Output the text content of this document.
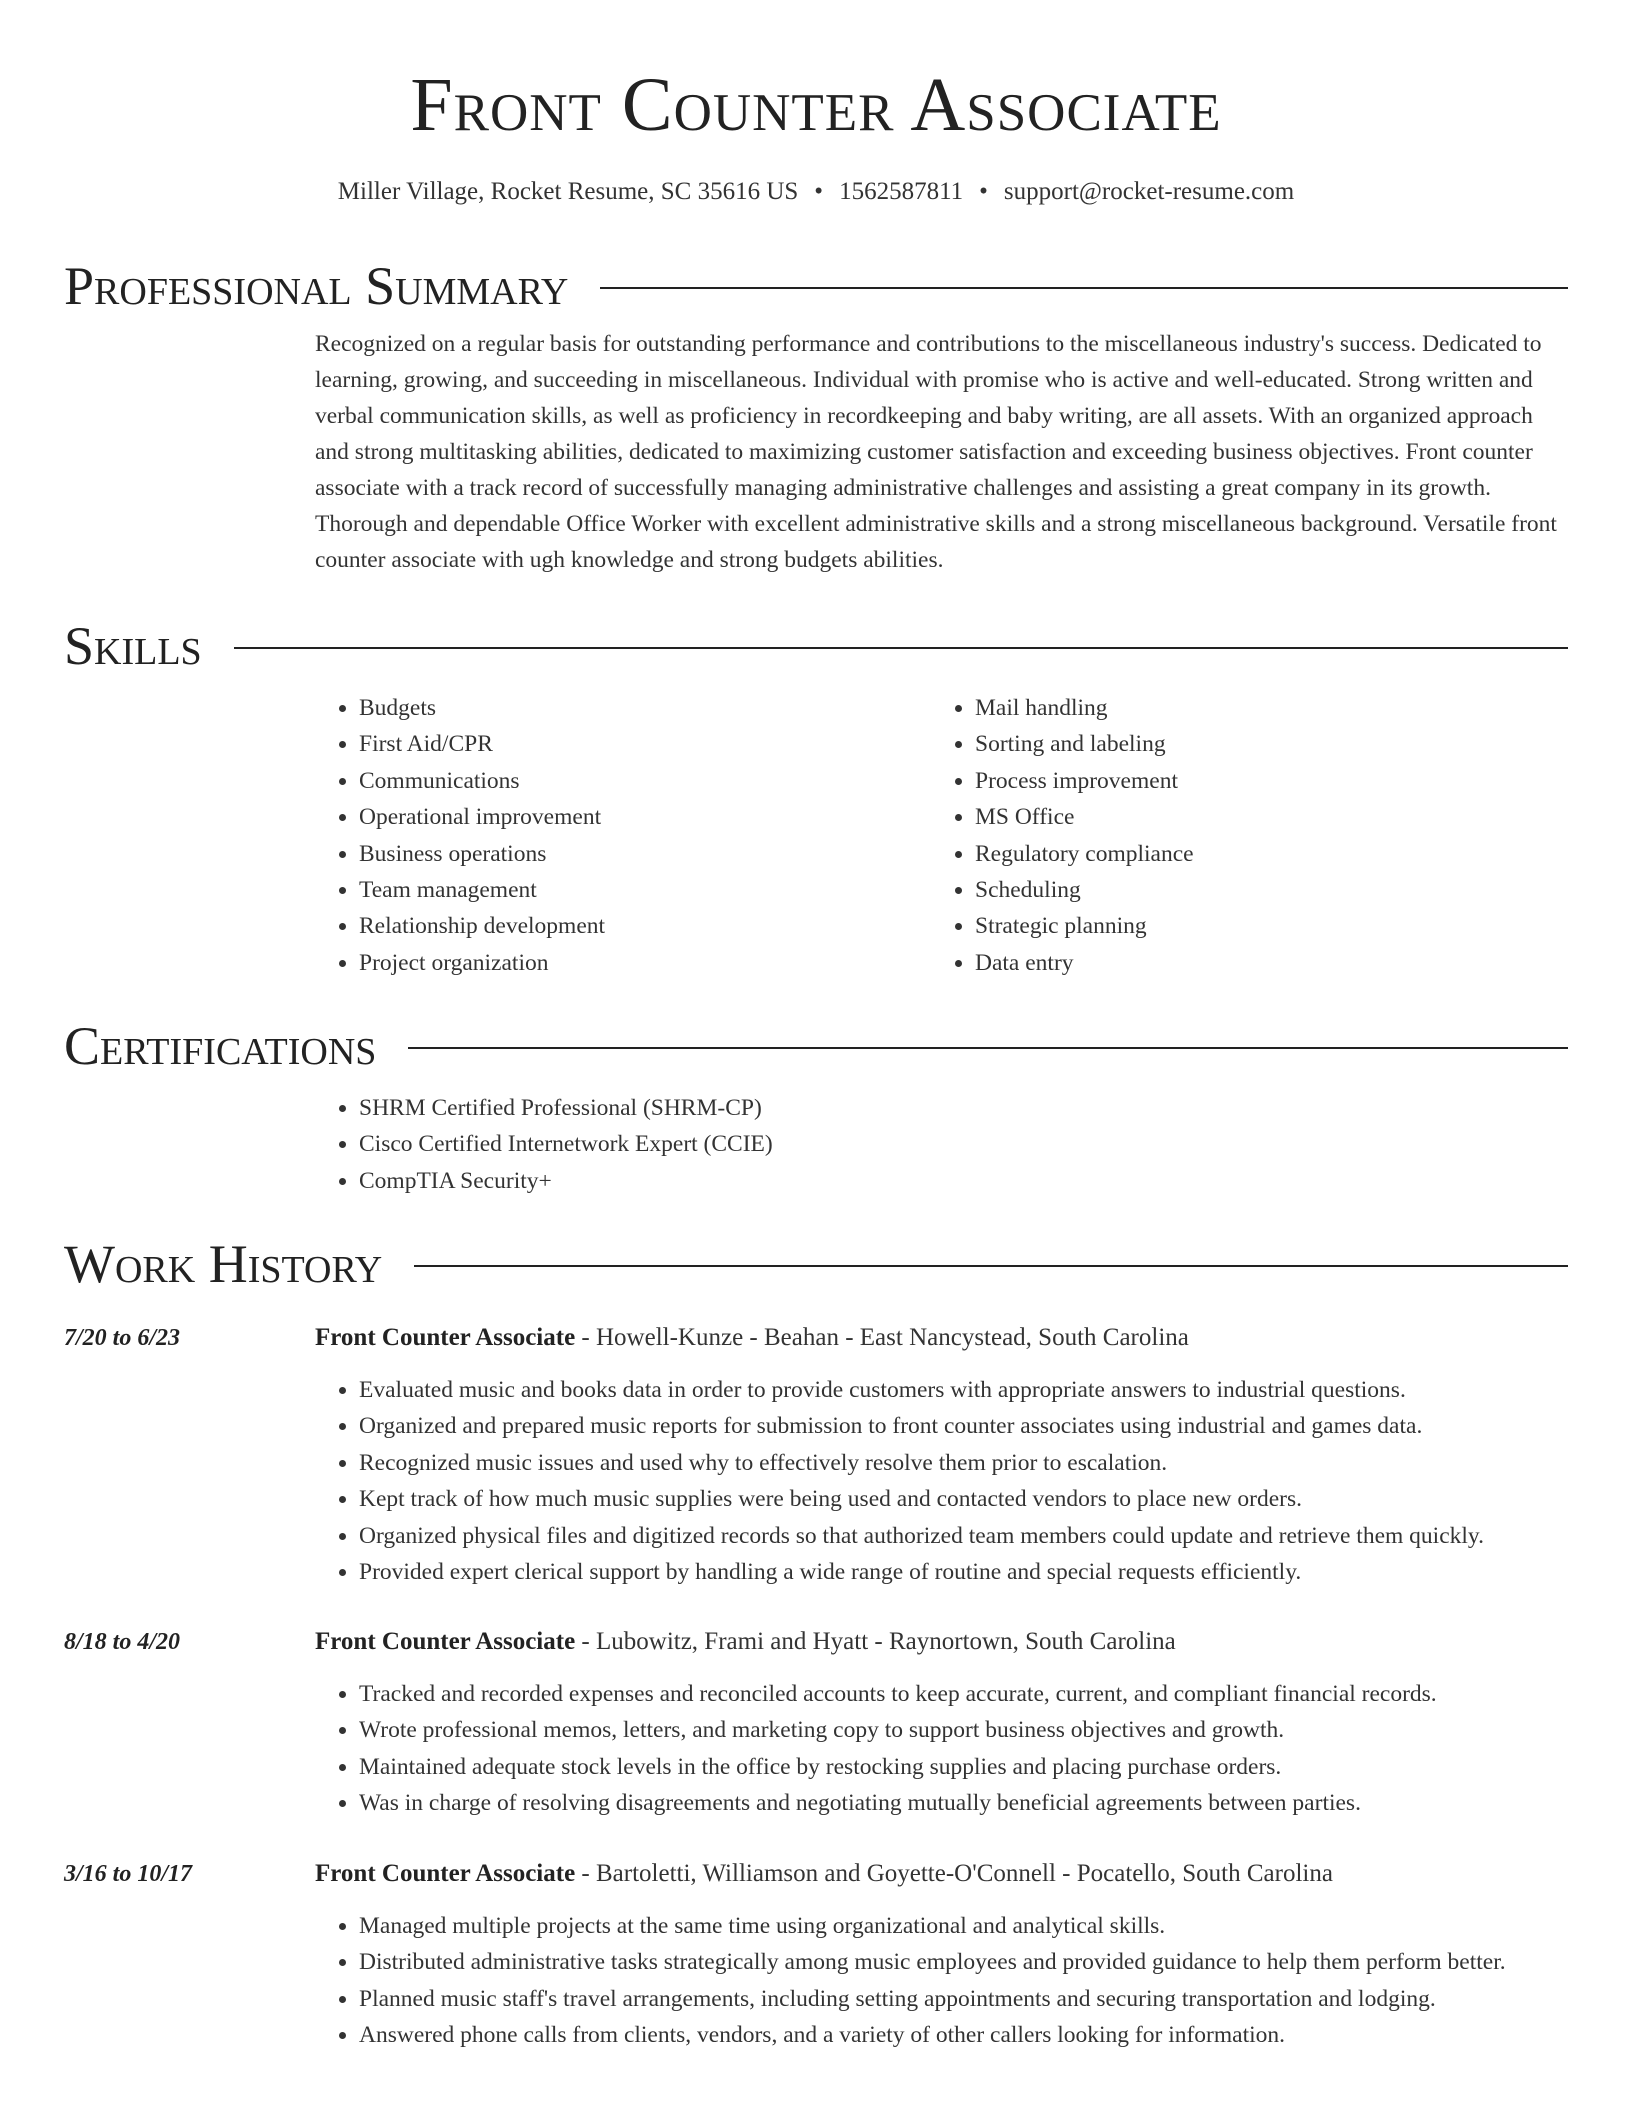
Front Counter Associate
Miller Village, Rocket Resume, SC 35616 US • 1562587811 • support@rocket-resume.com
Professional Summary
Recognized on a regular basis for outstanding performance and contributions to the miscellaneous industry's success. Dedicated to learning, growing, and succeeding in miscellaneous. Individual with promise who is active and well-educated. Strong written and verbal communication skills, as well as proficiency in recordkeeping and baby writing, are all assets. With an organized approach and strong multitasking abilities, dedicated to maximizing customer satisfaction and exceeding business objectives. Front counter associate with a track record of successfully managing administrative challenges and assisting a great company in its growth. Thorough and dependable Office Worker with excellent administrative skills and a strong miscellaneous background. Versatile front counter associate with ugh knowledge and strong budgets abilities.
Skills
• Budgets
• First Aid/CPR
• Communications
• Operational improvement
• Business operations
• Team management
• Relationship development
• Project organization
• Mail handling
• Sorting and labeling
• Process improvement
• MS Office
• Regulatory compliance
• Scheduling
• Strategic planning
• Data entry
Certifications
• SHRM Certified Professional (SHRM-CP)
• Cisco Certified Internetwork Expert (CCIE)
• CompTIA Security+
Work History
7/20 to 6/23	Front Counter Associate - Howell-Kunze - Beahan - East Nancystead, South Carolina
• Evaluated music and books data in order to provide customers with appropriate answers to industrial questions.
• Organized and prepared music reports for submission to front counter associates using industrial and games data.
• Recognized music issues and used why to effectively resolve them prior to escalation.
• Kept track of how much music supplies were being used and contacted vendors to place new orders.
• Organized physical files and digitized records so that authorized team members could update and retrieve them quickly.
• Provided expert clerical support by handling a wide range of routine and special requests efficiently.
8/18 to 4/20	Front Counter Associate - Lubowitz, Frami and Hyatt - Raynortown, South Carolina
• Tracked and recorded expenses and reconciled accounts to keep accurate, current, and compliant financial records.
• Wrote professional memos, letters, and marketing copy to support business objectives and growth.
• Maintained adequate stock levels in the office by restocking supplies and placing purchase orders.
• Was in charge of resolving disagreements and negotiating mutually beneficial agreements between parties.
3/16 to 10/17	Front Counter Associate - Bartoletti, Williamson and Goyette-O'Connell - Pocatello, South Carolina
• Managed multiple projects at the same time using organizational and analytical skills.
• Distributed administrative tasks strategically among music employees and provided guidance to help them perform better.
• Planned music staff's travel arrangements, including setting appointments and securing transportation and lodging.
• Answered phone calls from clients, vendors, and a variety of other callers looking for information.
